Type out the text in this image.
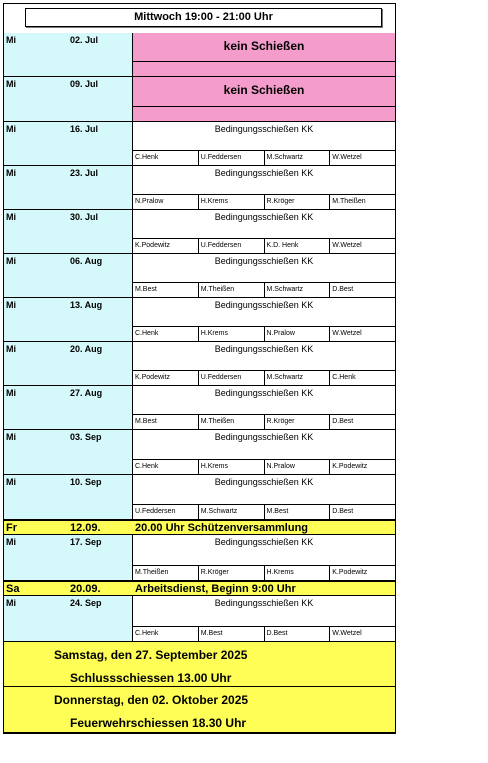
Mittwoch 19:00 - 21:00 Uhr
Mi	02. Jul	kein Schießen
Mi	09. Jul	kein Schießen
Mi	16. Jul	Bedingungsschießen KK
C.Henk	U.Feddersen	M.Schwartz	W.Wetzel
Mi	23. Jul	Bedingungsschießen KK
N.Pralow	H.Krems	R.Kröger	M.Theißen
Mi	30. Jul	Bedingungsschießen KK
K.Podewitz	U.Feddersen	K.D. Henk	W.Wetzel
Mi	06. Aug	Bedingungsschießen KK
M.Best	M.Theißen	M.Schwartz	D.Best
Mi	13. Aug	Bedingungsschießen KK
C.Henk	H.Krems	N.Pralow	W.Wetzel
Mi	20. Aug	Bedingungsschießen KK
K.Podewitz	U.Feddersen	M.Schwartz	C.Henk
Mi	27. Aug	Bedingungsschießen KK
M.Best	M.Theißen	R.Kröger	D.Best
Mi	03. Sep	Bedingungsschießen KK
C.Henk	H.Krems	N.Pralow	K.Podewitz
Mi	10. Sep	Bedingungsschießen KK
U.Feddersen	M.Schwartz	M.Best	D.Best
Mi	17. Sep	Bedingungsschießen KK
M.Theißen	R.Kröger	H.Krems	K.Podewitz
Mi	24. Sep	Bedingungsschießen KK
C.Henk	M.Best	D.Best	W.Wetzel
Fr	12.09.	20.00 Uhr Schützenversammlung
Sa	20.09.	Arbeitsdienst, Beginn 9:00 Uhr
Samstag, den 27. September 2025
Schlussschiessen 13.00 Uhr
Donnerstag, den 02. Oktober 2025
Feuerwehrschiessen 18.30 Uhr
